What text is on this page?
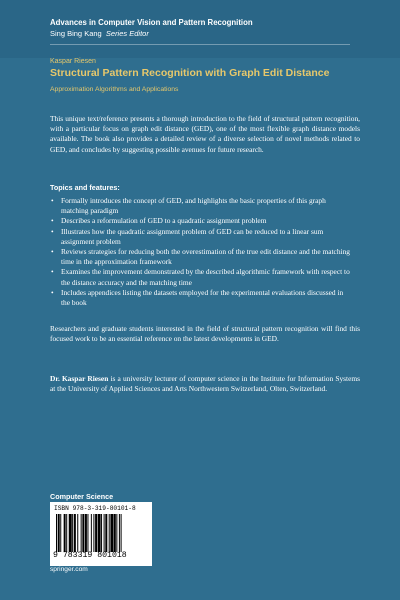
Advances in Computer Vision and Pattern Recognition
Sing Bing Kang Series Editor
Kaspar Riesen
Structural Pattern Recognition with Graph Edit Distance
Approximation Algorithms and Applications
This unique text/reference presents a thorough introduction to the field of structural pattern recognition, with a particular focus on graph edit distance (GED), one of the most flexible graph distance models available. The book also provides a detailed review of a diverse selection of novel methods related to GED, and concludes by suggesting possible avenues for future research.
Topics and features:
• Formally introduces the concept of GED, and highlights the basic properties of this graph matching paradigm
• Describes a reformulation of GED to a quadratic assignment problem
• Illustrates how the quadratic assignment problem of GED can be reduced to a linear sum assignment problem
• Reviews strategies for reducing both the overestimation of the true edit distance and the matching time in the approximation framework
• Examines the improvement demonstrated by the described algorithmic framework with respect to the distance accuracy and the matching time
• Includes appendices listing the datasets employed for the experimental evaluations discussed in the book
Researchers and graduate students interested in the field of structural pattern recognition will find this focused work to be an essential reference on the latest developments in GED.
Dr. Kaspar Riesen is a university lecturer of computer science in the Institute for Information Systems at the University of Applied Sciences and Arts Northwestern Switzerland, Olten, Switzerland.
Computer Science
ISBN 978-3-319-80101-8
9 783319 801018
springer.com
